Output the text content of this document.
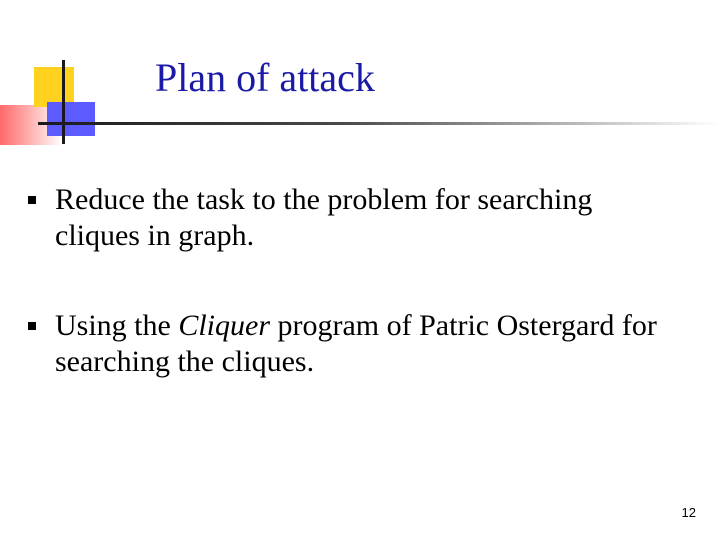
Plan of attack
Reduce the task to the problem for searching cliques in graph.
Using the Cliquer program of Patric Ostergard for searching the cliques.
12
